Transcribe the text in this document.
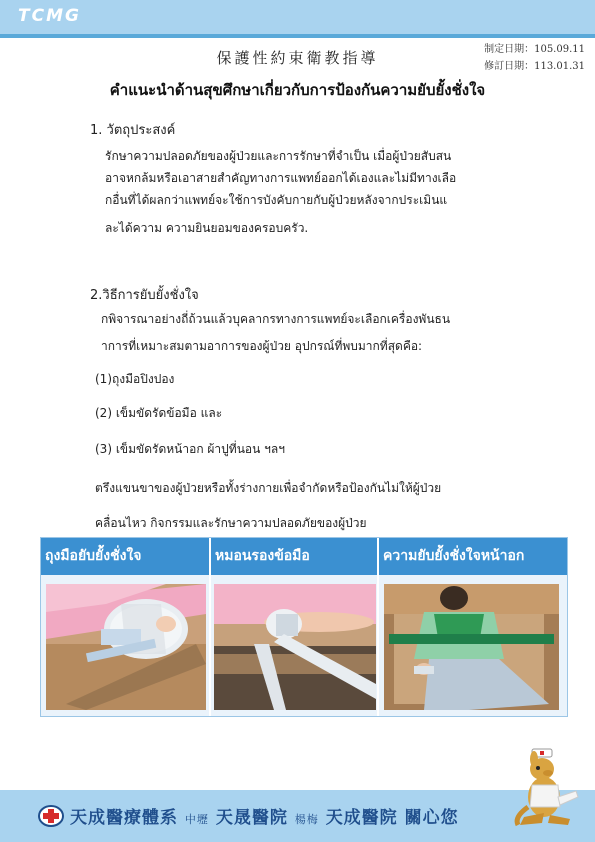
TCMG
制定日期：105.09.11
修訂日期：113.01.31
保護性約束衛教指導
คำแนะนำด้านสุขศึกษาเกี่ยวกับการป้องกันความยับยั้งชั่งใจ
1. วัตถุประสงค์
รักษาความปลอดภัยของผู้ป่วยและการรักษาที่จำเป็น เมื่อผู้ป่วยสับสน
อาจหกล้มหรือเอาสายสำคัญทางการแพทย์ออกได้เองและไม่มีทางเลือ
กอื่นที่ได้ผลกว่าแพทย์จะใช้การบังคับกายกับผู้ป่วยหลังจากประเมินแ
ละได้ความ ความยินยอมของครอบครัว.
2.วิธีการยับยั้งชั่งใจ
กพิจารณาอย่างถี่ถ้วนแล้วบุคลากรทางการแพทย์จะเลือกเครื่องพันธน
าการที่เหมาะสมตามอาการของผู้ป่วย อุปกรณ์ที่พบมากที่สุดคือ:
(1)ถุงมือปิงปอง
(2) เข็มขัดรัดข้อมือ และ
(3) เข็มขัดรัดหน้าอก ผ้าปูที่นอน ฯลฯ
ตรึงแขนขาของผู้ป่วยหรือทั้งร่างกายเพื่อจำกัดหรือป้องกันไม่ให้ผู้ป่วย
คลื่อนไหว กิจกรรมและรักษาความปลอดภัยของผู้ป่วย
ถุงมือยับยั้งชั่งใจ	หมอนรองข้อมือ	ความยับยั้งชั่งใจหน้าอก
天成醫療體系 中壢 天晟醫院 楊梅 天成醫院 關心您
